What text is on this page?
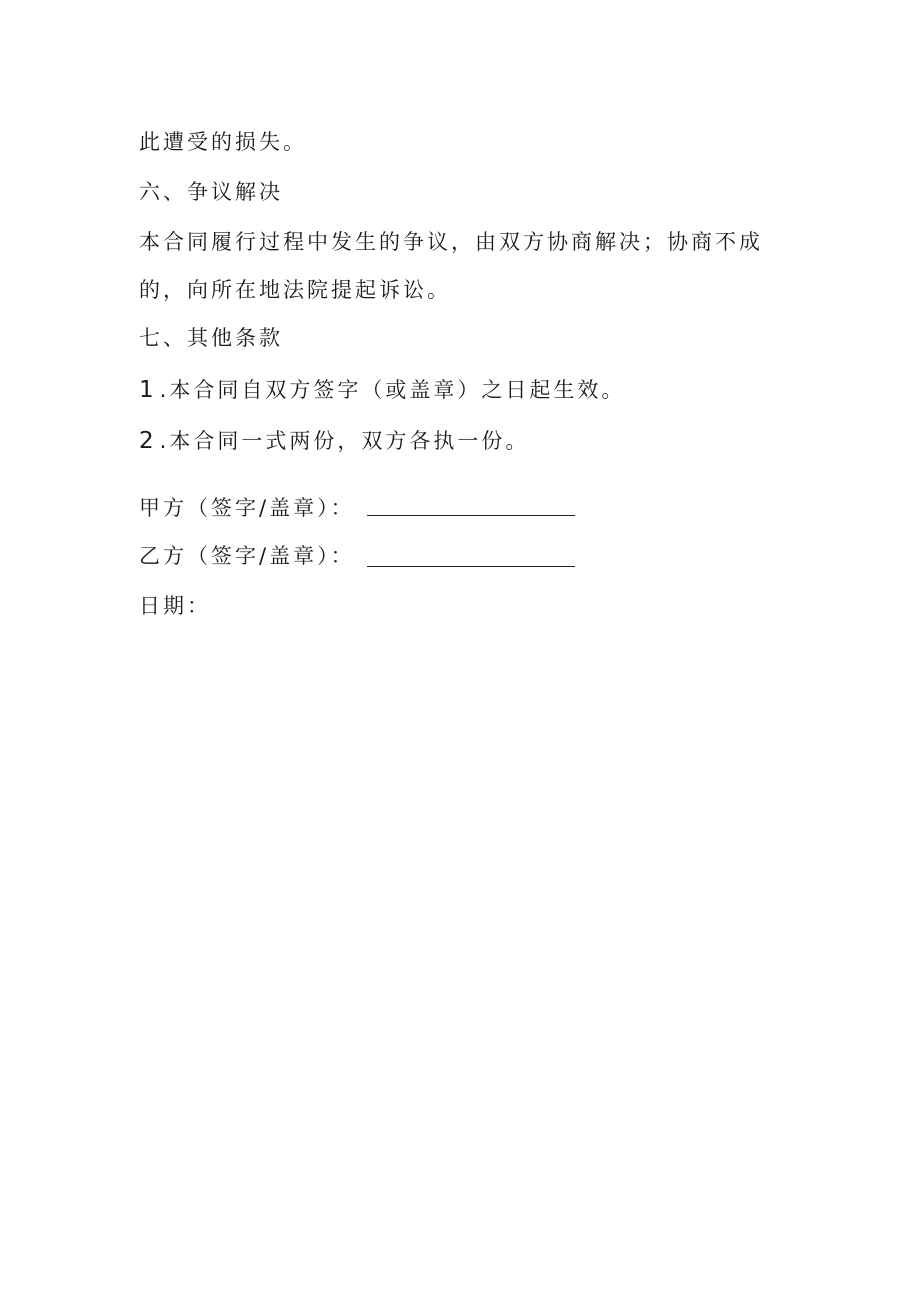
此遭受的损失。
六、争议解决
本合同履行过程中发生的争议，由双方协商解决；协商不成
的，向所在地法院提起诉讼。
七、其他条款
1 .本合同自双方签字（或盖章）之日起生效。
2 .本合同一式两份，双方各执一份。
甲方（签字/盖章）：
乙方（签字/盖章）：
日期：
